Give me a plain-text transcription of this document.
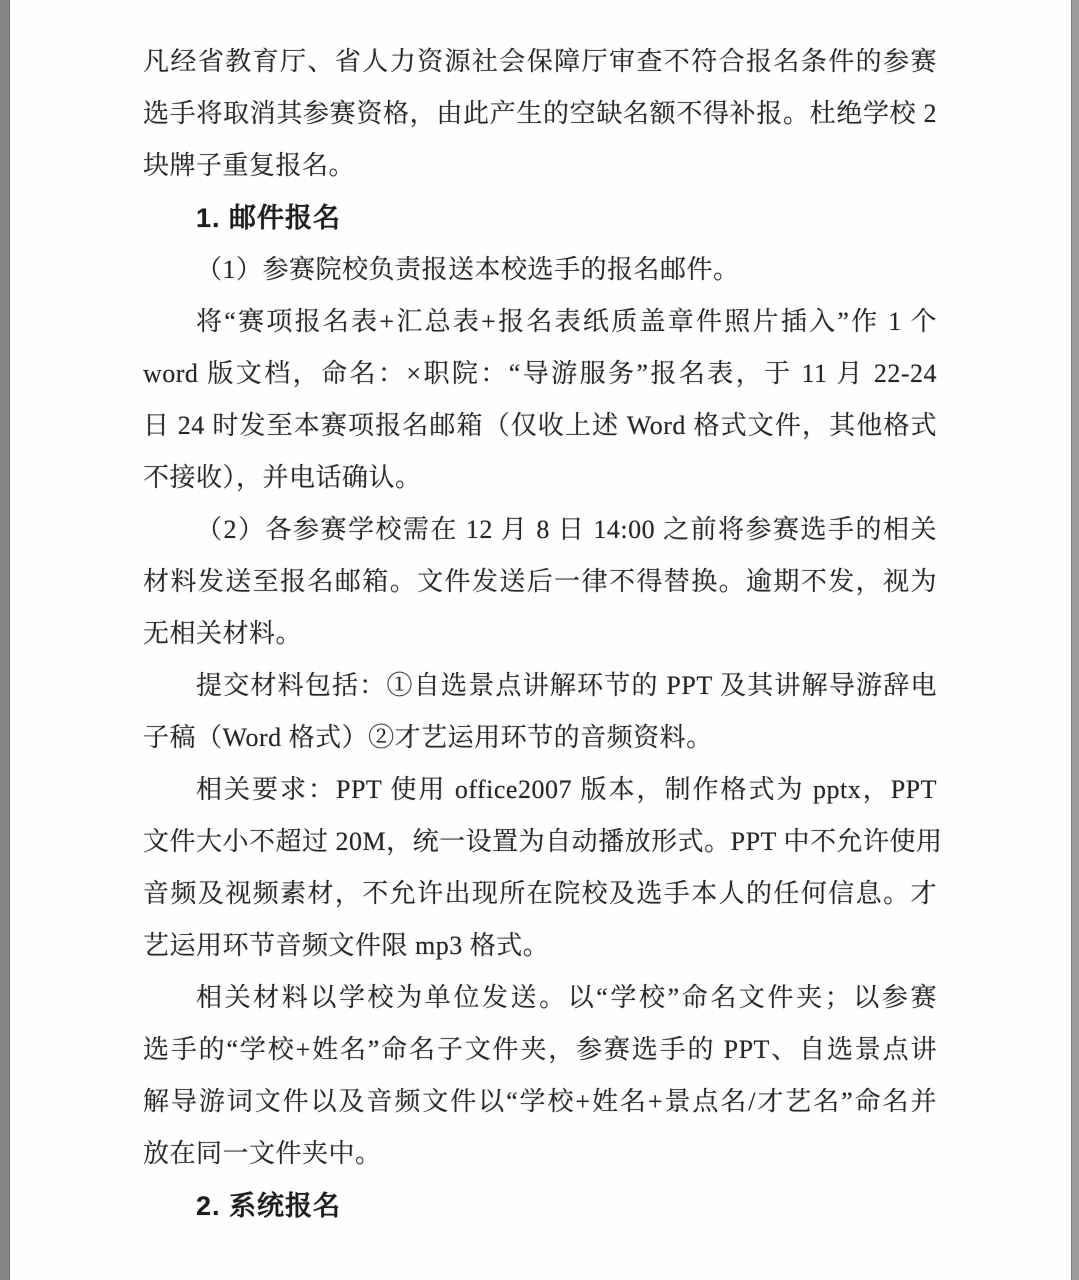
凡经省教育厅、省人力资源社会保障厅审查不符合报名条件的参赛
选手将取消其参赛资格，由此产生的空缺名额不得补报。杜绝学校 2
块牌子重复报名。
1. 邮件报名
（1）参赛院校负责报送本校选手的报名邮件。
将“赛项报名表+汇总表+报名表纸质盖章件照片插入”作 1 个
word 版文档，命名：×职院：“导游服务”报名表，于 11 月 22-24
日 24 时发至本赛项报名邮箱（仅收上述 Word 格式文件，其他格式
不接收），并电话确认。
（2）各参赛学校需在 12 月 8 日 14:00 之前将参赛选手的相关
材料发送至报名邮箱。文件发送后一律不得替换。逾期不发，视为
无相关材料。
提交材料包括：①自选景点讲解环节的 PPT 及其讲解导游辞电
子稿（Word 格式）②才艺运用环节的音频资料。
相关要求：PPT 使用 office2007 版本，制作格式为 pptx，PPT
文件大小不超过 20M，统一设置为自动播放形式。PPT 中不允许使用
音频及视频素材，不允许出现所在院校及选手本人的任何信息。才
艺运用环节音频文件限 mp3 格式。
相关材料以学校为单位发送。以“学校”命名文件夹；以参赛
选手的“学校+姓名”命名子文件夹，参赛选手的 PPT、自选景点讲
解导游词文件以及音频文件以“学校+姓名+景点名/才艺名”命名并
放在同一文件夹中。
2. 系统报名
